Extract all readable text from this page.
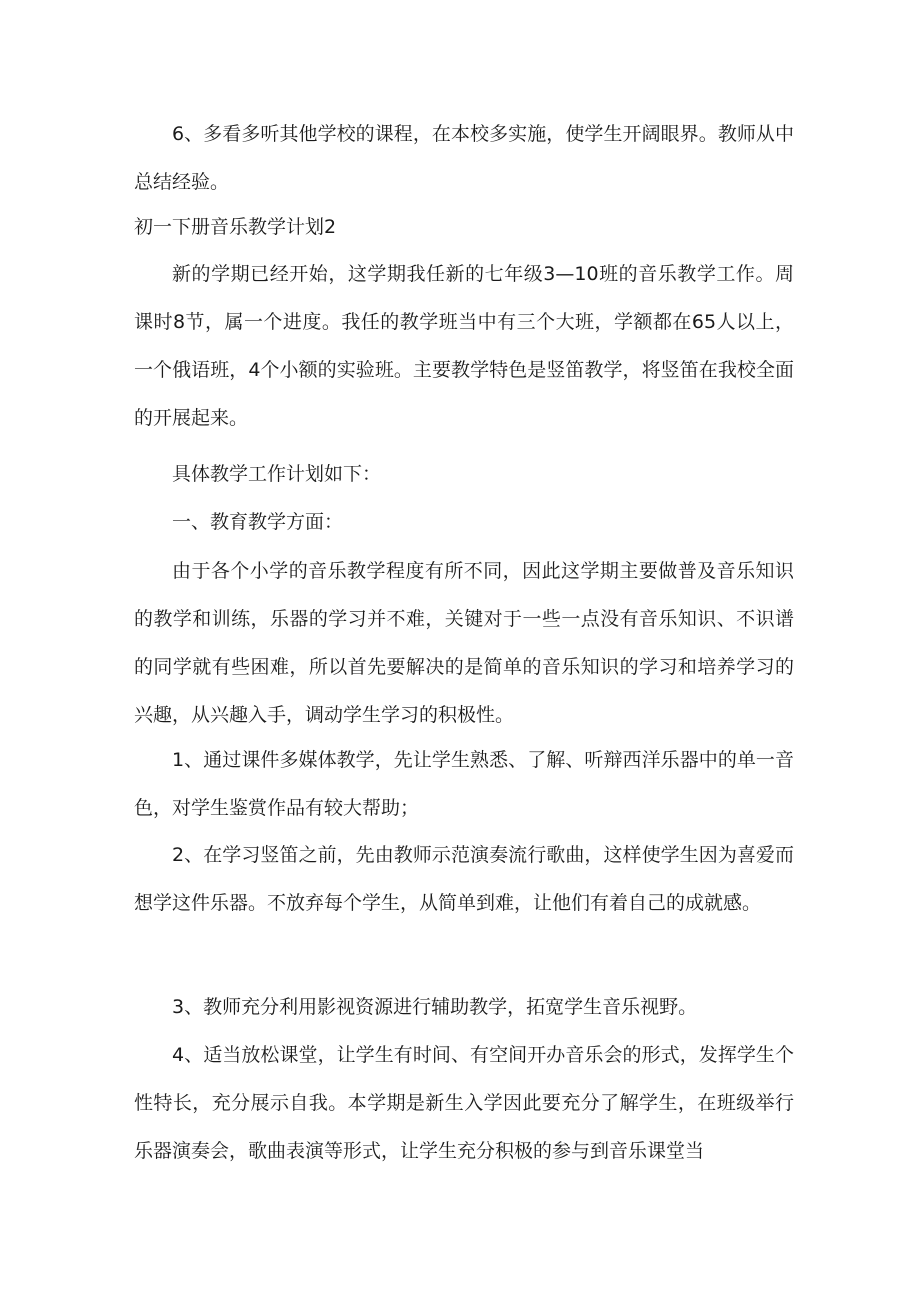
6、多看多听其他学校的课程，在本校多实施，使学生开阔眼界。教师从中总结经验。

初一下册音乐教学计划2

新的学期已经开始，这学期我任新的七年级3—10班的音乐教学工作。周课时8节，属一个进度。我任的教学班当中有三个大班，学额都在65人以上，一个俄语班，4个小额的实验班。主要教学特色是竖笛教学，将竖笛在我校全面的开展起来。

具体教学工作计划如下：

一、教育教学方面：

由于各个小学的音乐教学程度有所不同，因此这学期主要做普及音乐知识的教学和训练，乐器的学习并不难，关键对于一些一点没有音乐知识、不识谱的同学就有些困难，所以首先要解决的是简单的音乐知识的学习和培养学习的兴趣，从兴趣入手，调动学生学习的积极性。

1、通过课件多媒体教学，先让学生熟悉、了解、听辩西洋乐器中的单一音色，对学生鉴赏作品有较大帮助；

2、在学习竖笛之前，先由教师示范演奏流行歌曲，这样使学生因为喜爱而想学这件乐器。不放弃每个学生，从简单到难，让他们有着自己的成就感。

3、教师充分利用影视资源进行辅助教学，拓宽学生音乐视野。

4、适当放松课堂，让学生有时间、有空间开办音乐会的形式，发挥学生个性特长，充分展示自我。本学期是新生入学因此要充分了解学生，在班级举行乐器演奏会，歌曲表演等形式，让学生充分积极的参与到音乐课堂当
